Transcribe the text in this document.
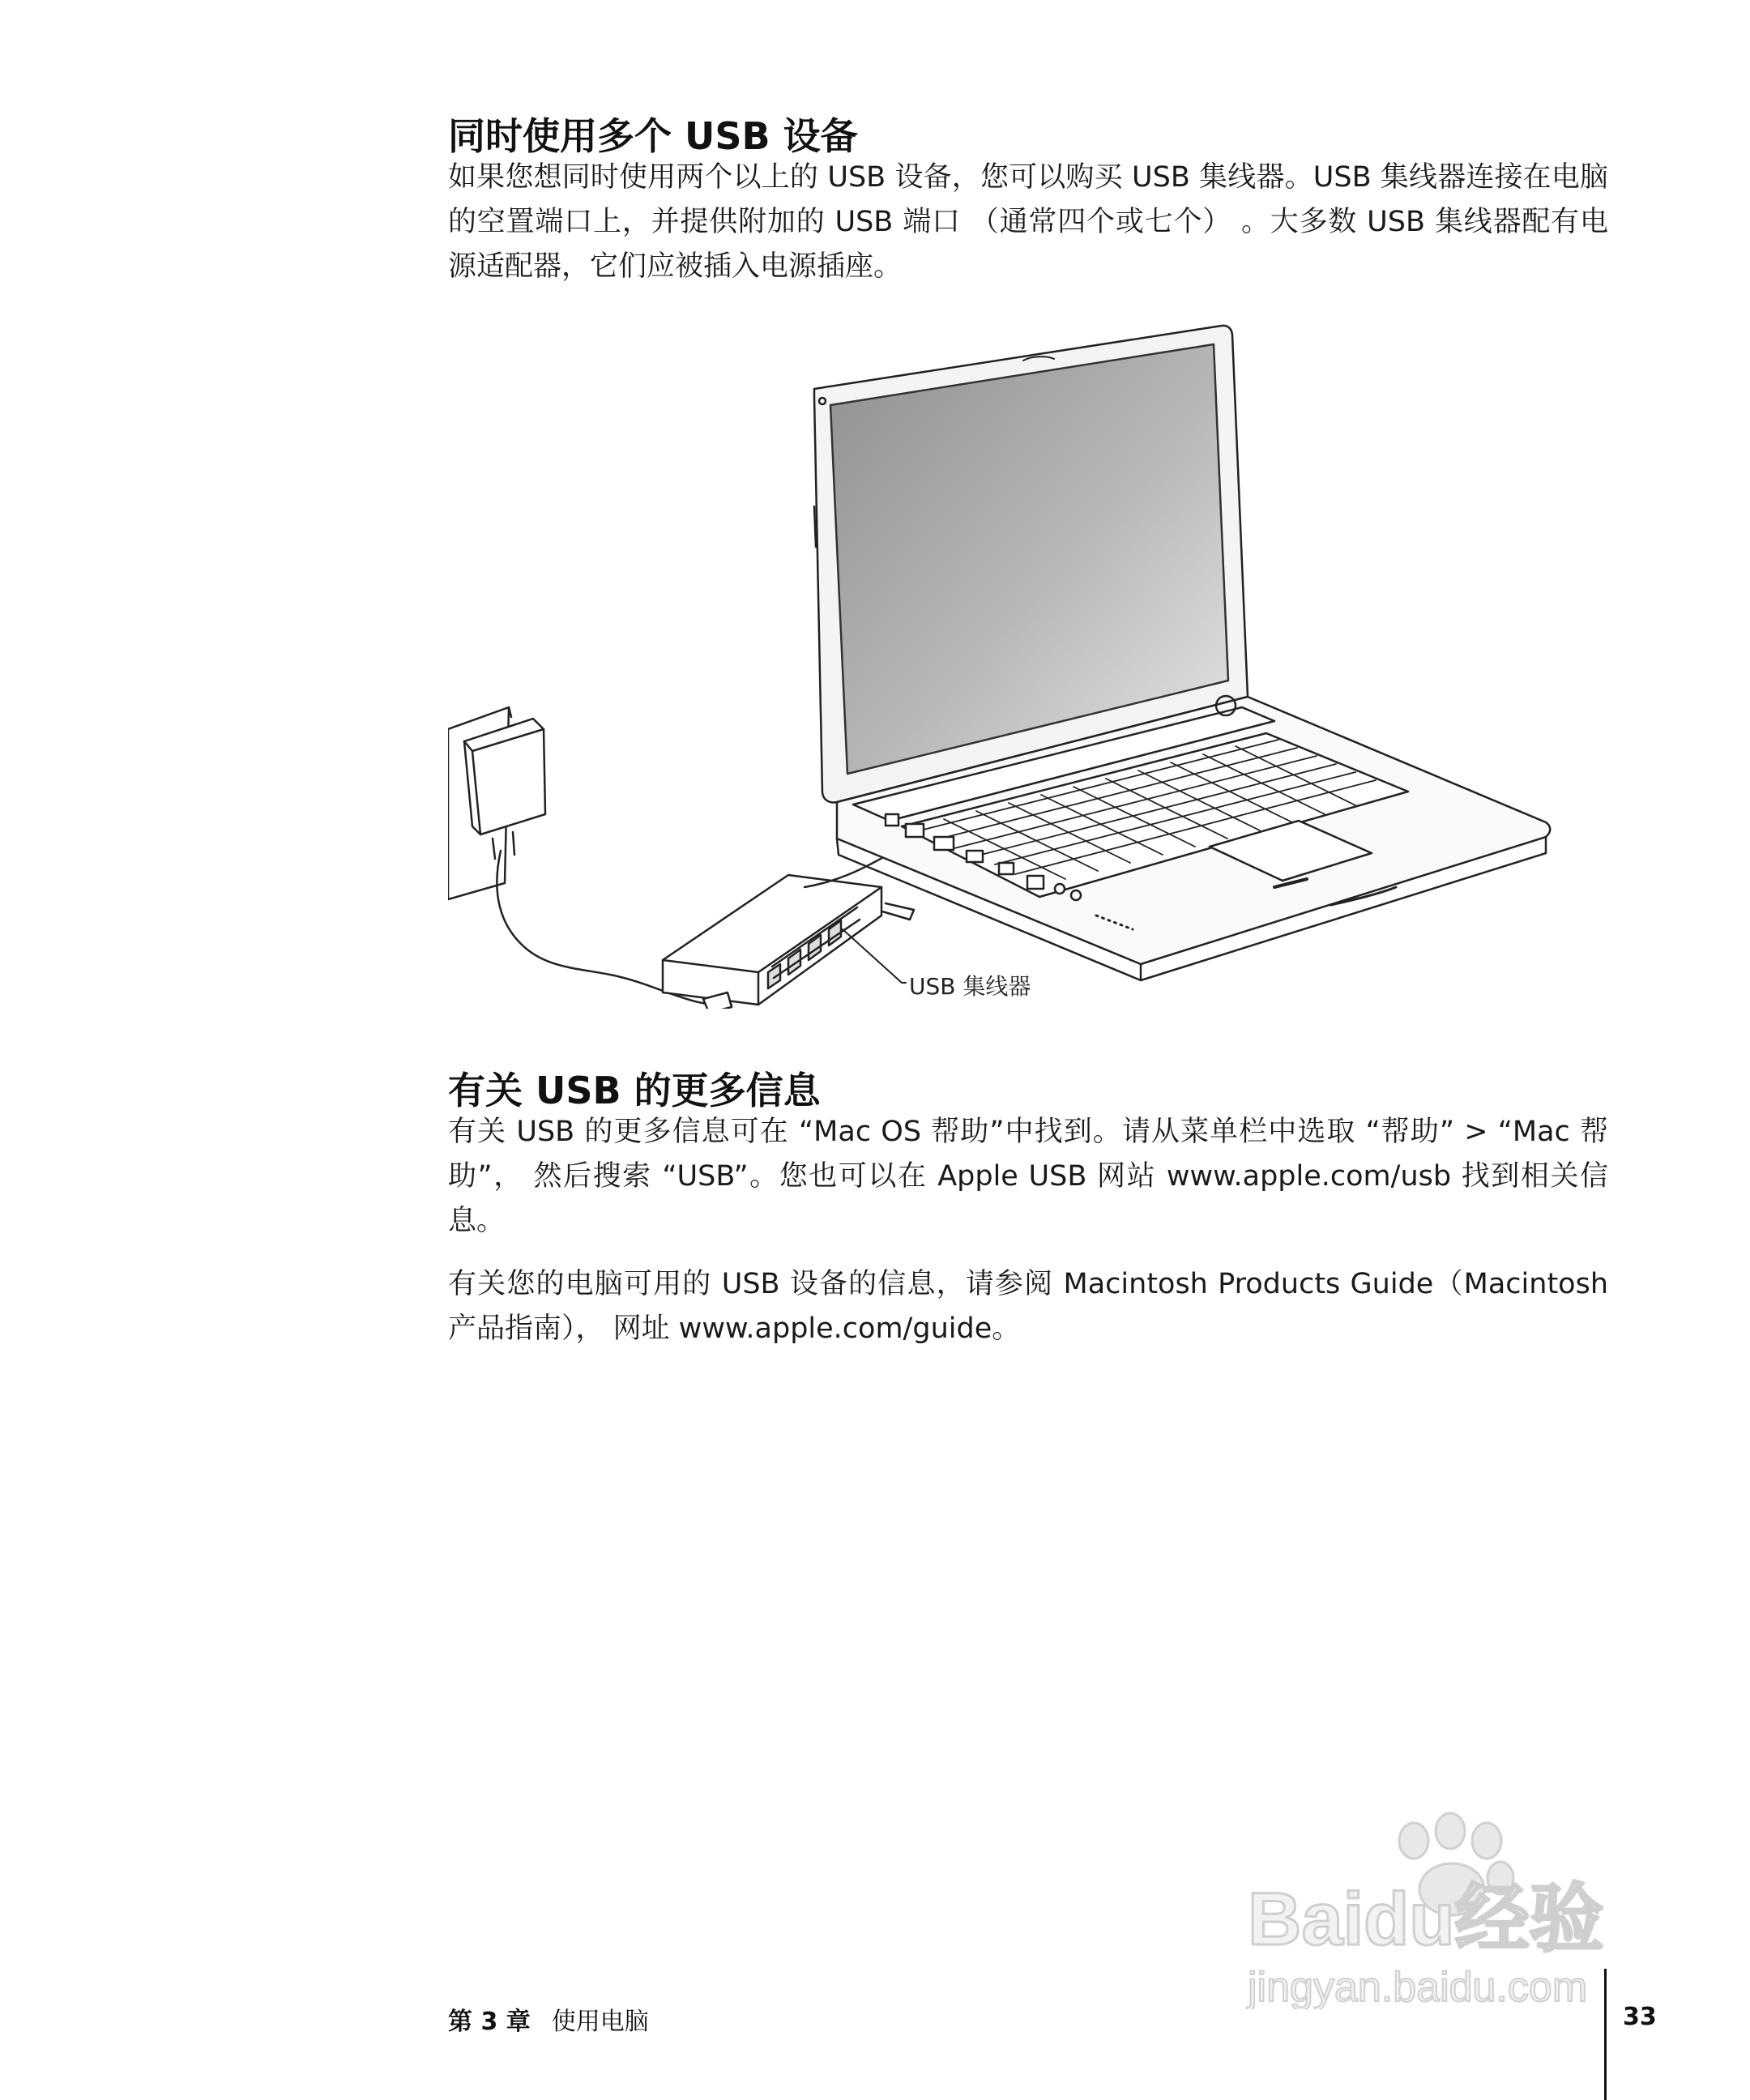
同时使用多个 USB 设备

如果您想同时使用两个以上的 USB 设备，您可以购买 USB 集线器。USB 集线器连接在电脑的空置端口上，并提供附加的 USB 端口 （通常四个或七个） 。大多数 USB 集线器配有电源适配器，它们应被插入电源插座。

USB 集线器
有关 USB 的更多信息

有关 USB 的更多信息可在 “Mac OS 帮助”中找到。请从菜单栏中选取 “帮助” > “Mac 帮助”， 然后搜索 “USB”。您也可以在 Apple USB 网站 www.apple.com/usb 找到相关信息。

有关您的电脑可用的 USB 设备的信息，请参阅 Macintosh Products Guide（Macintosh 产品指南）， 网址 www.apple.com/guide。

Baidu经验
jingyan.baidu.com
第 3 章 使用电脑	33
